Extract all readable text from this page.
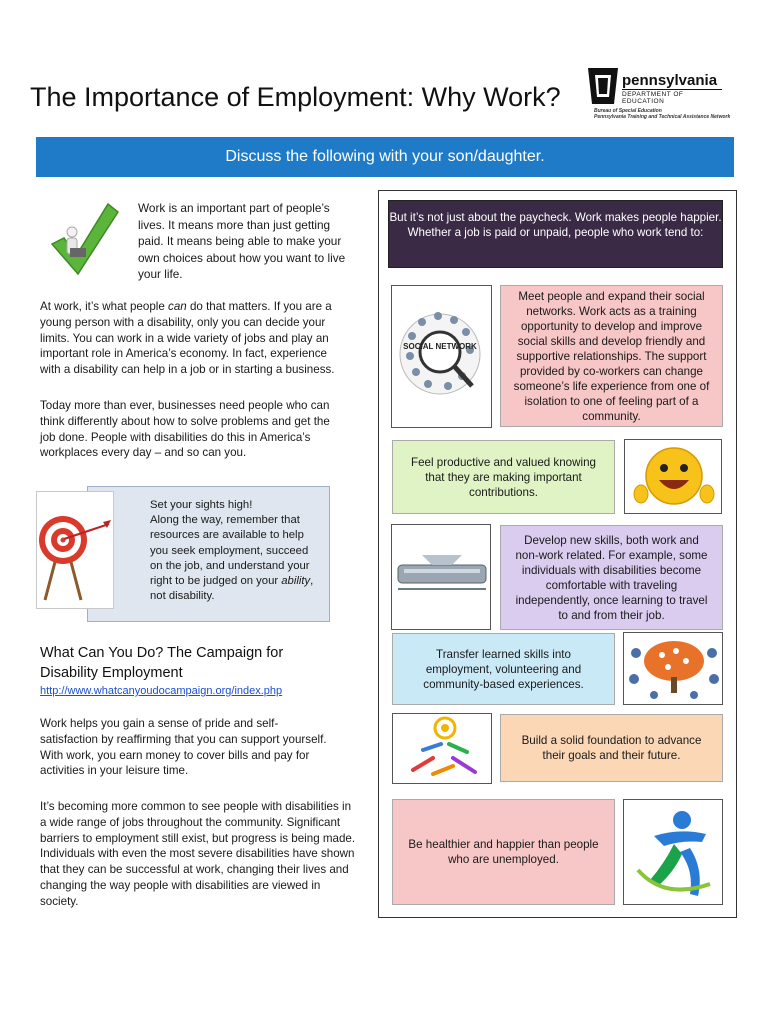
The Importance of Employment: Why Work?
pennsylvania
DEPARTMENT OF EDUCATION
Bureau of Special Education
Pennsylvania Training and Technical Assistance Network
Discuss the following with your son/daughter.
Work is an important part of people’s lives. It means more than just getting paid. It means being able to make your own choices about how you want to live your life.
At work, it’s what people can do that matters. If you are a young person with a disability, only you can decide your limits. You can work in a wide variety of jobs and play an important role in America’s economy. In fact, experience with a disability can help in a job or in starting a business.
Today more than ever, businesses need people who can think differently about how to solve problems and get the job done. People with disabilities do this in America’s workplaces every day – and so can you.
Set your sights high!
Along the way, remember that resources are available to help you seek employment, succeed on the job, and understand your right to be judged on your ability, not disability.
What Can You Do? The Campaign for Disability Employment
http://www.whatcanyoudocampaign.org/index.php
Work helps you gain a sense of pride and self-satisfaction by reaffirming that you can support yourself. With work, you earn money to cover bills and pay for activities in your leisure time.
It’s becoming more common to see people with disabilities in a wide range of jobs throughout the community. Significant barriers to employment still exist, but progress is being made. Individuals with even the most severe disabilities have shown that they can be successful at work, changing their lives and changing the way people with disabilities are viewed in society.
But it’s not just about the paycheck. Work makes people happier. Whether a job is paid or unpaid, people who work tend to:
SOCIAL NETWORK
Meet people and expand their social networks. Work acts as a training opportunity to develop and improve social skills and develop friendly and supportive relationships. The support provided by co-workers can change someone’s life experience from one of isolation to one of feeling part of a community.
Feel productive and valued knowing that they are making important contributions.
Develop new skills, both work and non-work related. For example, some individuals with disabilities become comfortable with traveling independently, once learning to travel to and from their job.
Transfer learned skills into employment, volunteering and community-based experiences.
Build a solid foundation to advance their goals and their future.
Be healthier and happier than people who are unemployed.
